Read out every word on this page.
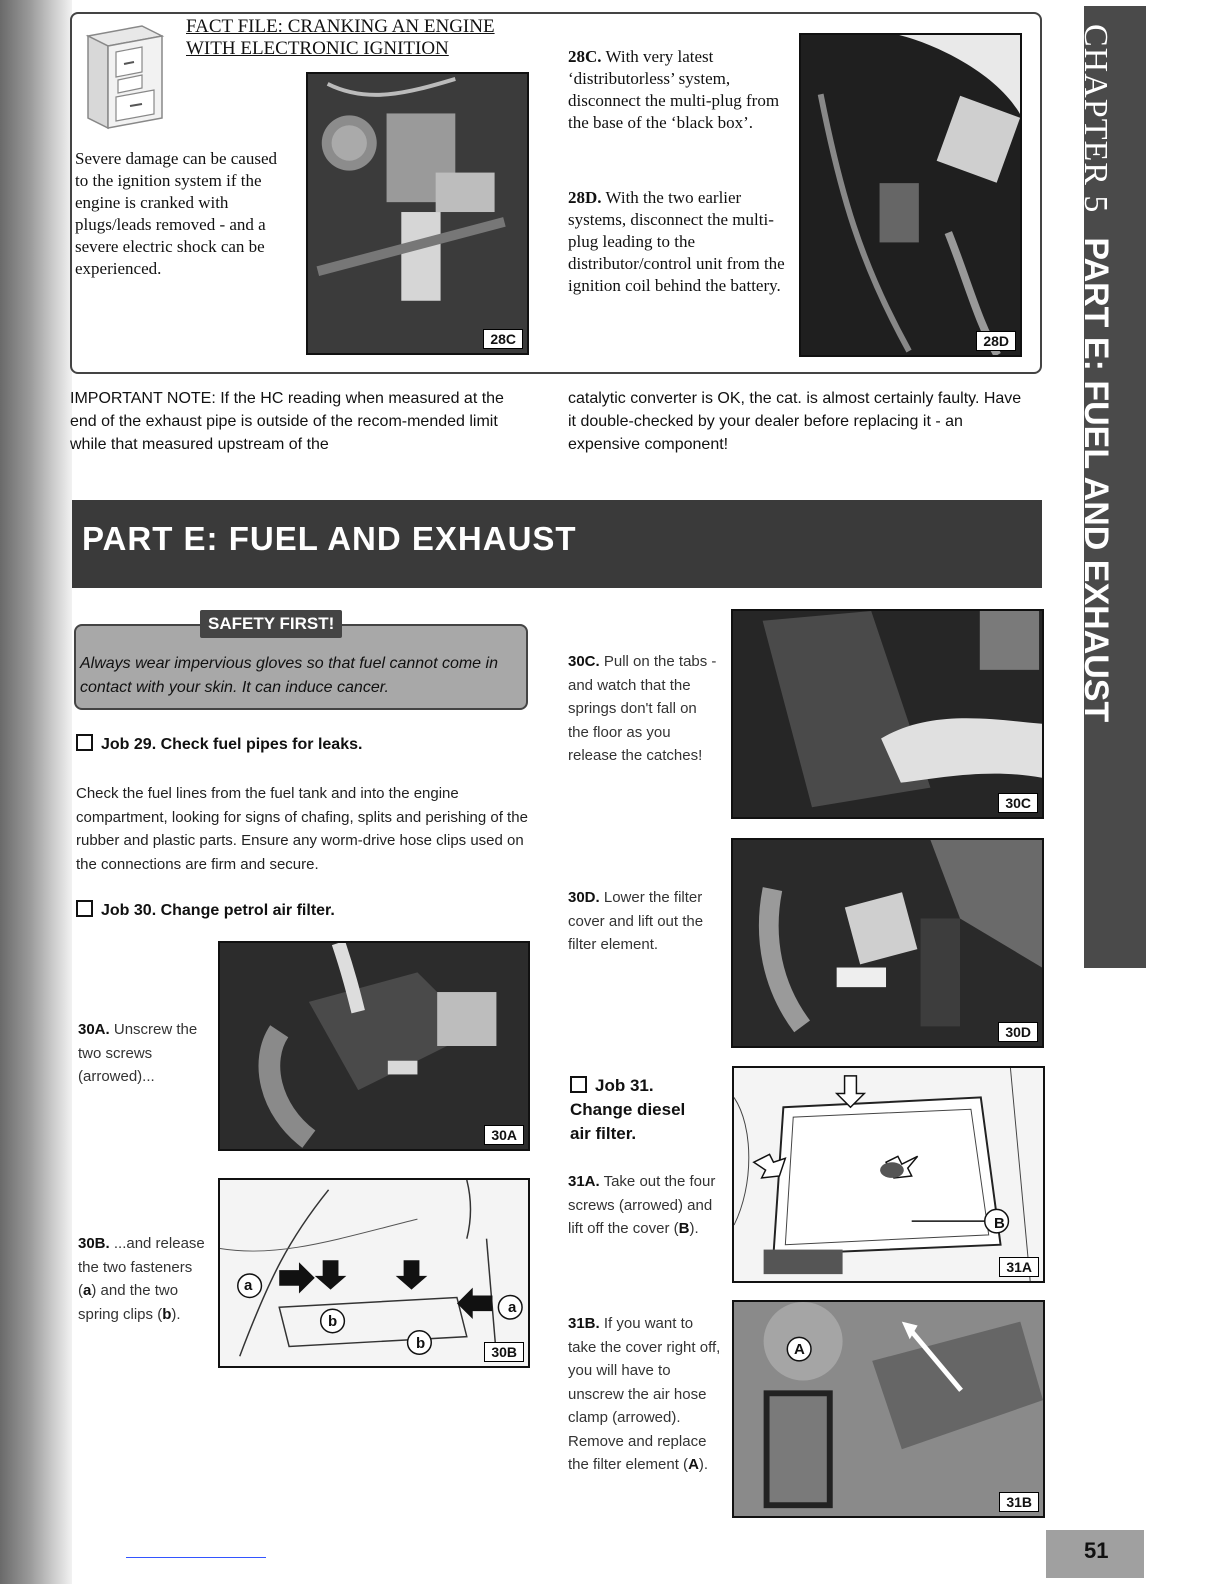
FACT FILE: CRANKING AN ENGINE
WITH ELECTRONIC IGNITION
Severe damage can be caused to the ignition system if the engine is cranked with plugs/leads removed - and a severe electric shock can be experienced.
28C
28C. With very latest ‘distributorless’ system, disconnect the multi-plug from the base of the ‘black box’.
28D. With the two earlier systems, disconnect the multi-plug leading to the distributor/control unit from the ignition coil behind the battery.
28D
IMPORTANT NOTE: If the HC reading when measured at the end of the exhaust pipe is outside of the recom-mended limit while that measured upstream of the
catalytic converter is OK, the cat. is almost certainly faulty. Have it double-checked by your dealer before replacing it - an expensive component!
PART E: FUEL AND EXHAUST
SAFETY FIRST!
Always wear impervious gloves so that fuel cannot come in contact with your skin. It can induce cancer.
Job 29. Check fuel pipes for leaks.
Check the fuel lines from the fuel tank and into the engine compartment, looking for signs of chafing, splits and perishing of the rubber and plastic parts. Ensure any worm-drive hose clips used on the connections are firm and secure.
Job 30. Change petrol air filter.
30A. Unscrew the two screws (arrowed)...
30A
30B. ...and release the two fasteners (a) and the two spring clips (b).
a
a
b
b	30B
30C. Pull on the tabs - and watch that the springs don't fall on the floor as you release the catches!
30C
30D. Lower the filter cover and lift out the filter element.
30D
Job 31.
Change diesel
air filter.
31A. Take out the four screws (arrowed) and lift off the cover (B).	B
31A
31B. If you want to take the cover right off, you will have to unscrew the air hose clamp (arrowed). Remove and replace the filter element (A).
A
31B
CHAPTER 5PART E: FUEL AND EXHAUST
51
